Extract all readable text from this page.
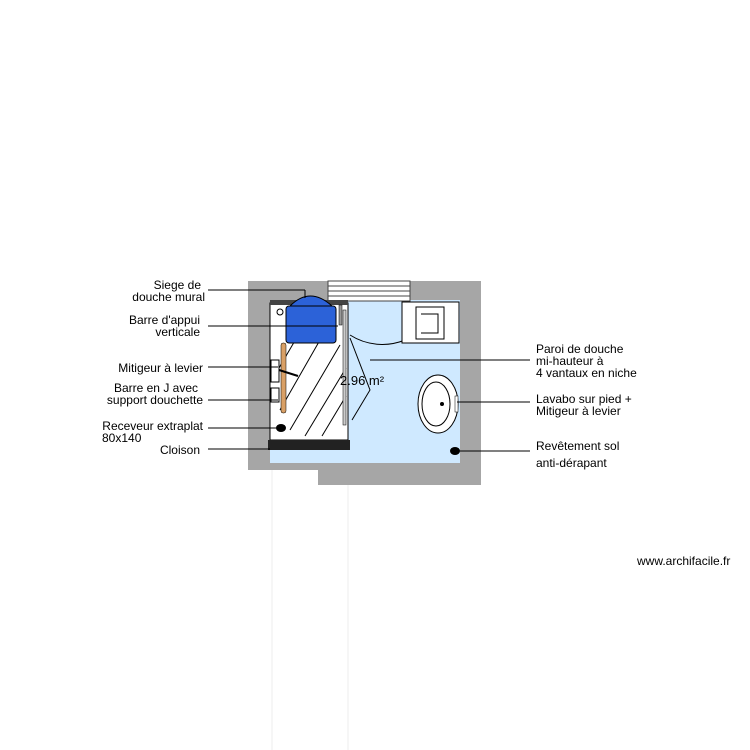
2.96 m²
Siege de
douche mural
Barre d'appui
verticale
Mitigeur à levier
Barre en J avec
support douchette
Receveur extraplat
80x140
Cloison
Paroi de douche
mi-hauteur à
4 vantaux en niche
Lavabo sur pied +
Mitigeur à levier
Revêtement sol
anti-dérapant
www.archifacile.fr
